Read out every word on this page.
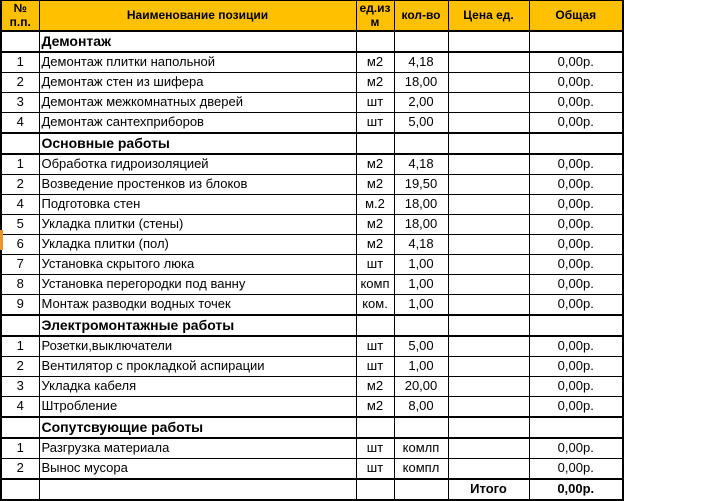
№ п.п.	Наименование позиции	ед.изм	кол-во	Цена ед.	Общая
	Демонтаж				
1	Демонтаж плитки напольной	м2	4,18		0,00р.
2	Демонтаж стен из шифера	м2	18,00		0,00р.
3	Демонтаж межкомнатных дверей	шт	2,00		0,00р.
4	Демонтаж сантехприборов	шт	5,00		0,00р.
	Основные работы				
1	Обработка гидроизоляцией	м2	4,18		0,00р.
2	Возведение простенков из блоков	м2	19,50		0,00р.
4	Подготовка стен	м.2	18,00		0,00р.
5	Укладка плитки (стены)	м2	18,00		0,00р.
6	Укладка плитки (пол)	м2	4,18		0,00р.
7	Установка скрытого люка	шт	1,00		0,00р.
8	Установка перегородки под ванну	комп	1,00		0,00р.
9	Монтаж разводки водных точек	ком.	1,00		0,00р.
	Электромонтажные работы				
1	Розетки,выключатели	шт	5,00		0,00р.
2	Вентилятор с прокладкой аспирации	шт	1,00		0,00р.
3	Укладка кабеля	м2	20,00		0,00р.
4	Штробление	м2	8,00		0,00р.
	Сопутсвующие работы				
1	Разгрузка материала	шт	комлп		0,00р.
2	Вынос мусора	шт	компл		0,00р.
				Итого	0,00р.
